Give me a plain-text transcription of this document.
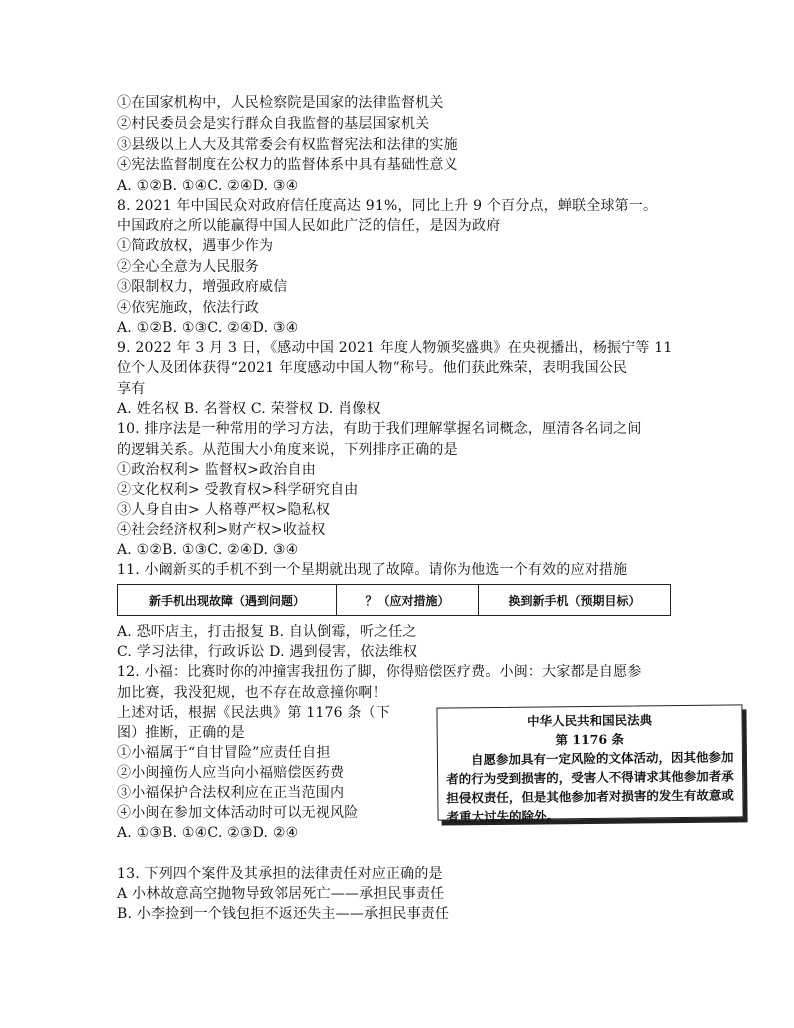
①在国家机构中，人民检察院是国家的法律监督机关
②村民委员会是实行群众自我监督的基层国家机关
③县级以上人大及其常委会有权监督宪法和法律的实施
④宪法监督制度在公权力的监督体系中具有基础性意义
A. ①②B. ①④C. ②④D. ③④
8. 2021 年中国民众对政府信任度高达 91%，同比上升 9 个百分点，蝉联全球第一。
中国政府之所以能赢得中国人民如此广泛的信任，是因为政府
①简政放权，遇事少作为
②全心全意为人民服务
③限制权力，增强政府威信
④依宪施政，依法行政
A. ①②B. ①③C. ②④D. ③④
9. 2022 年 3 月 3 日，《感动中国 2021 年度人物颁奖盛典》在央视播出，杨振宁等 11
位个人及团体获得“2021 年度感动中国人物”称号。他们获此殊荣，表明我国公民
享有
A. 姓名权 B. 名誉权 C. 荣誉权 D. 肖像权
10. 排序法是一种常用的学习方法，有助于我们理解掌握名词概念，厘清各名词之间
的逻辑关系。从范围大小角度来说，下列排序正确的是
①政治权利> 监督权>政治自由
②文化权利> 受教育权>科学研究自由
③人身自由> 人格尊严权>隐私权
④社会经济权利>财产权>收益权
A. ①②B. ①③C. ②④D. ③④
11. 小阚新买的手机不到一个星期就出现了故障。请你为他选一个有效的应对措施
新手机出现故障（遇到问题）	？（应对措施）	换到新手机（预期目标）
A. 恐吓店主，打击报复 B. 自认倒霉，听之任之
C. 学习法律，行政诉讼 D. 遇到侵害，依法维权
12. 小福：比赛时你的冲撞害我扭伤了脚，你得赔偿医疗费。小闽：大家都是自愿参
加比赛，我没犯规，也不存在故意撞你啊！
上述对话，根据《民法典》第 1176 条（下
图）推断，正确的是
①小福属于“自甘冒险”应责任自担
②小闽撞伤人应当向小福赔偿医药费
③小福保护合法权利应在正当范围内
④小闽在参加文体活动时可以无视风险
A. ①③B. ①④C. ②③D. ②④
中华人民共和国民法典
第 1176 条
自愿参加具有一定风险的文体活动，因其他参加者的行为受到损害的，受害人不得请求其他参加者承担侵权责任，但是其他参加者对损害的发生有故意或者重大过失的除外。
13. 下列四个案件及其承担的法律责任对应正确的是
A 小林故意高空抛物导致邻居死亡——承担民事责任
B. 小李捡到一个钱包拒不返还失主——承担民事责任
